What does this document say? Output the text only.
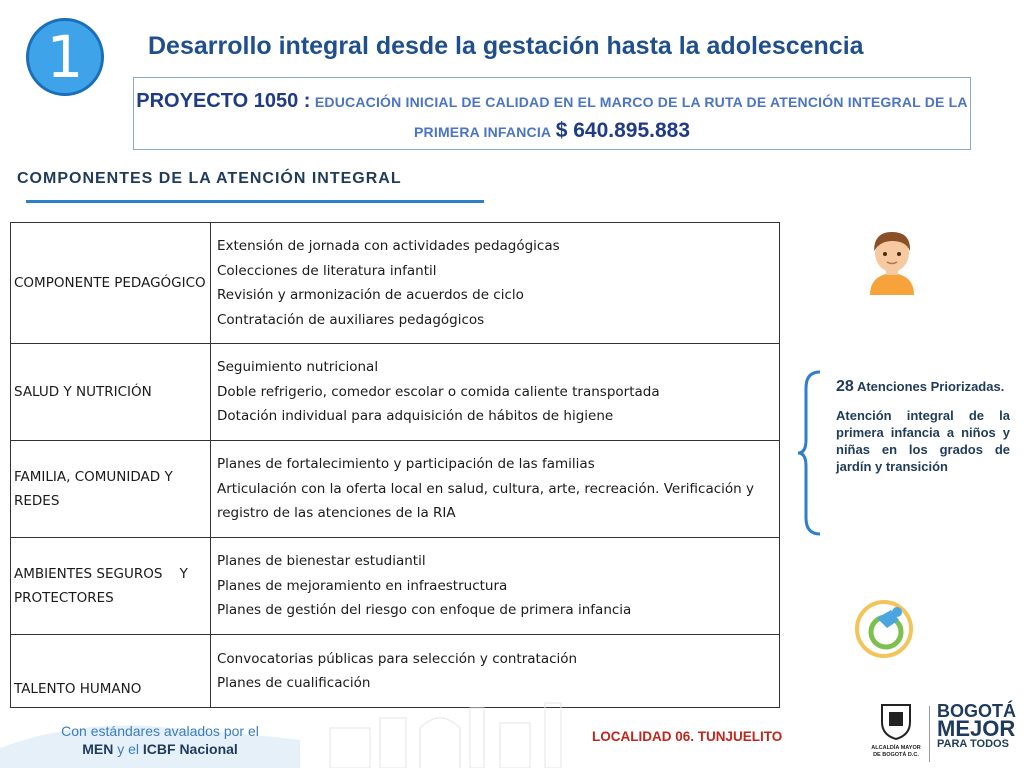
1	Desarrollo integral desde la gestación hasta la adolescencia
PROYECTO 1050 : EDUCACIÓN INICIAL DE CALIDAD EN EL MARCO DE LA RUTA DE ATENCIÓN INTEGRAL DE LA PRIMERA INFANCIA $ 640.895.883
COMPONENTES DE LA ATENCIÓN INTEGRAL
COMPONENTE PEDAGÓGICO	Extensión de jornada con actividades pedagógicas
Colecciones de literatura infantil
Revisión y armonización de acuerdos de ciclo
Contratación de auxiliares pedagógicos

SALUD Y NUTRICIÓN	Seguimiento nutricional
Doble refrigerio, comedor escolar o comida caliente transportada
Dotación individual para adquisición de hábitos de higiene

FAMILIA, COMUNIDAD Y REDES	Planes de fortalecimiento y participación de las familias
Articulación con la oferta local en salud, cultura, arte, recreación. Verificación y registro de las atenciones de la RIA

AMBIENTES SEGUROS    Y PROTECTORES	Planes de bienestar estudiantil
Planes de mejoramiento en infraestructura
Planes de gestión del riesgo con enfoque de primera infancia

TALENTO HUMANO	Convocatorias públicas para selección y contratación
Planes de cualificación

28 Atenciones Priorizadas.

Atención integral de la primera infancia a niños y niñas en los grados de jardín y transición

Con estándares avalados por el
MEN y el ICBF Nacional
LOCALIDAD 06. TUNJUELITO
ALCALDÍA MAYOR DE BOGOTÁ D.C.
BOGOTÁ
MEJOR
PARA TODOS
